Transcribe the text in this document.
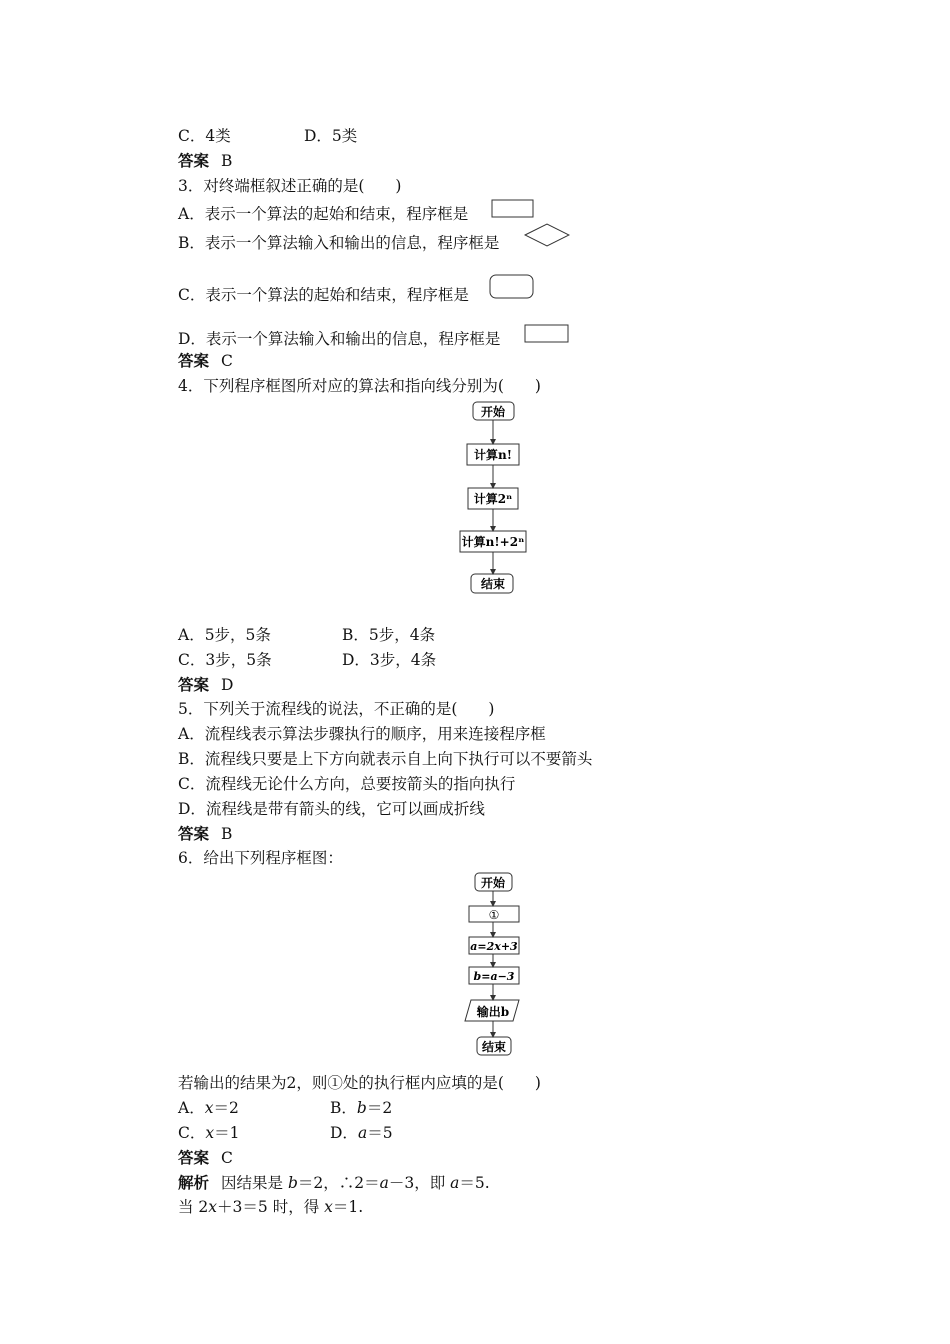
C．4类	D．5类
答案 B
3．对终端框叙述正确的是(　　)
A．表示一个算法的起始和结束，程序框是
B．表示一个算法输入和输出的信息，程序框是
C．表示一个算法的起始和结束，程序框是
D．表示一个算法输入和输出的信息，程序框是
答案 C
4．下列程序框图所对应的算法和指向线分别为(　　)
开始
计算n!
计算2ⁿ
计算n!+2ⁿ
结束
A．5步，5条	B．5步，4条
C．3步，5条	D．3步，4条
答案 D
5．下列关于流程线的说法，不正确的是(　　)
A．流程线表示算法步骤执行的顺序，用来连接程序框
B．流程线只要是上下方向就表示自上向下执行可以不要箭头
C．流程线无论什么方向，总要按箭头的指向执行
D．流程线是带有箭头的线，它可以画成折线
答案 B
6．给出下列程序框图：
开始
①
a=2x+3
b=a−3
输出b
结束
若输出的结果为2，则①处的执行框内应填的是(　　)
A．x＝2	B．b＝2
C．x＝1	D．a＝5
答案 C
解析 因结果是 b＝2，∴2＝a－3，即 a＝5.
当 2x＋3＝5 时，得 x＝1.
